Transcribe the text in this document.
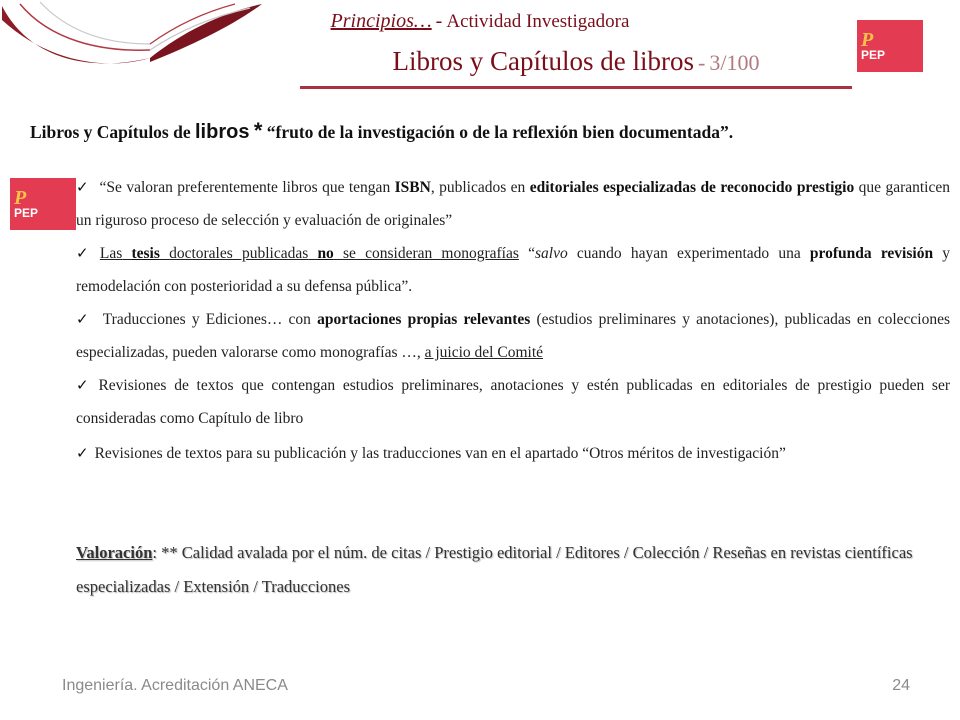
Principios… - Actividad Investigadora
Libros y Capítulos de libros - 3/100
P
PEP
P
PEP
Libros y Capítulos de libros * “fruto de la investigación o de la reflexión bien documentada”.
✓ “Se valoran preferentemente libros que tengan ISBN, publicados en editoriales especializadas de reconocido prestigio que garanticen un riguroso proceso de selección y evaluación de originales”
✓ Las tesis doctorales publicadas no se consideran monografías “salvo cuando hayan experimentado una profunda revisión y remodelación con posterioridad a su defensa pública”.
✓ Traducciones y Ediciones… con aportaciones propias relevantes (estudios preliminares y anotaciones), publicadas en colecciones especializadas, pueden valorarse como monografías …, a juicio del Comité
✓ Revisiones de textos que contengan estudios preliminares, anotaciones y estén publicadas en editoriales de prestigio pueden ser consideradas como Capítulo de libro
✓ Revisiones de textos para su publicación y las traducciones van en el apartado “Otros méritos de investigación”

Valoración: ** Calidad avalada por el núm. de citas / Prestigio editorial / Editores / Colección / Reseñas en revistas científicas especializadas / Extensión / Traducciones

Ingeniería. Acreditación ANECA	24
